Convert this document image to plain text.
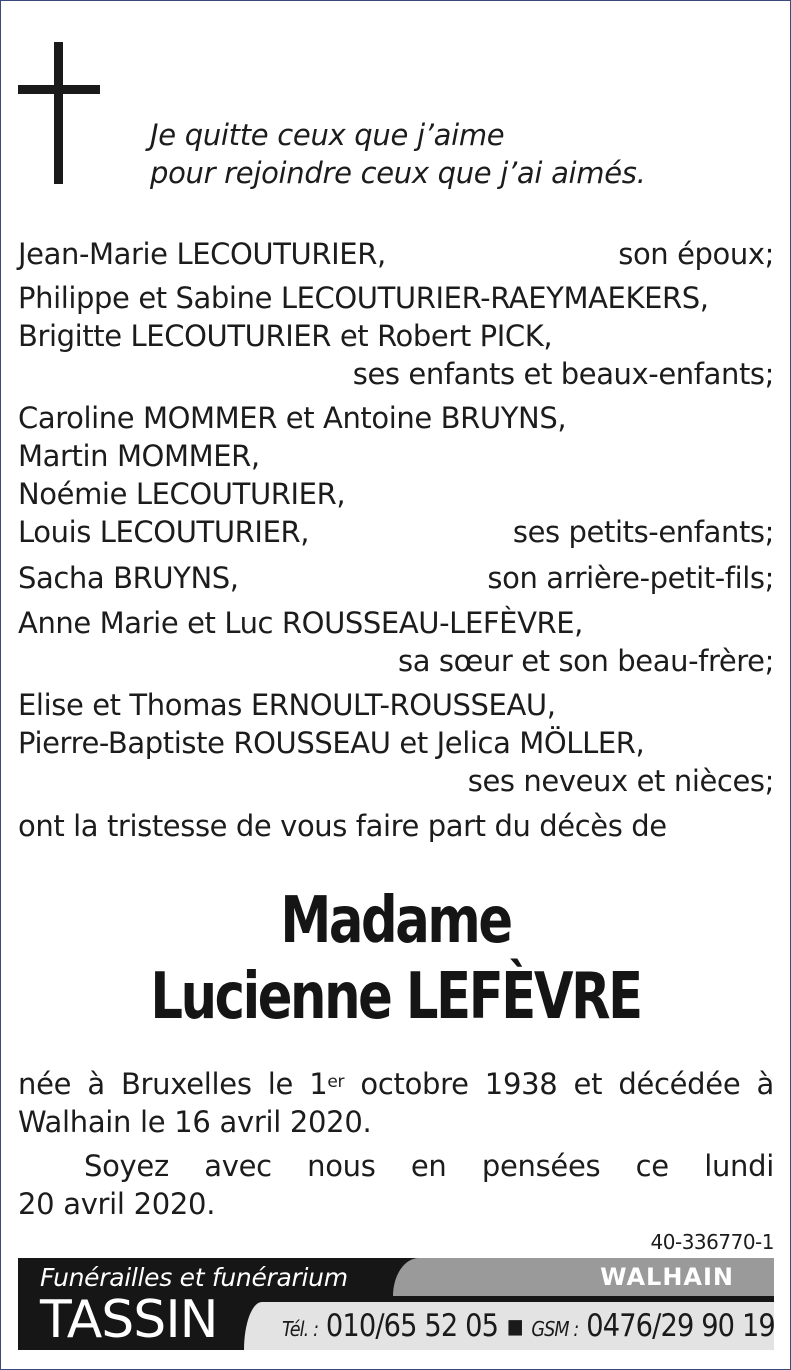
Je quitte ceux que j’aime
pour rejoindre ceux que j’ai aimés.
Jean-Marie LECOUTURIER,	son époux;
Philippe et Sabine LECOUTURIER-RAEYMAEKERS,
Brigitte LECOUTURIER et Robert PICK,
ses enfants et beaux-enfants;
Caroline MOMMER et Antoine BRUYNS,
Martin MOMMER,
Noémie LECOUTURIER,
Louis LECOUTURIER,	ses petits-enfants;
Sacha BRUYNS,	son arrière-petit-fils;
Anne Marie et Luc ROUSSEAU-LEFÈVRE,
sa sœur et son beau-frère;
Elise et Thomas ERNOULT-ROUSSEAU,
Pierre-Baptiste ROUSSEAU et Jelica MÖLLER,
ses neveux et nièces;
ont la tristesse de vous faire part du décès de
Madame
Lucienne LEFÈVRE
née à Bruxelles le 1er octobre 1938 et décédée à
Walhain le 16 avril 2020.
Soyez avec nous en pensées ce lundi
20 avril 2020.
40-336770-1
Funérailles et funérarium
TASSIN
WALHAIN
Tél. : 010/65 52 05 ▪ GSM : 0476/29 90 19
